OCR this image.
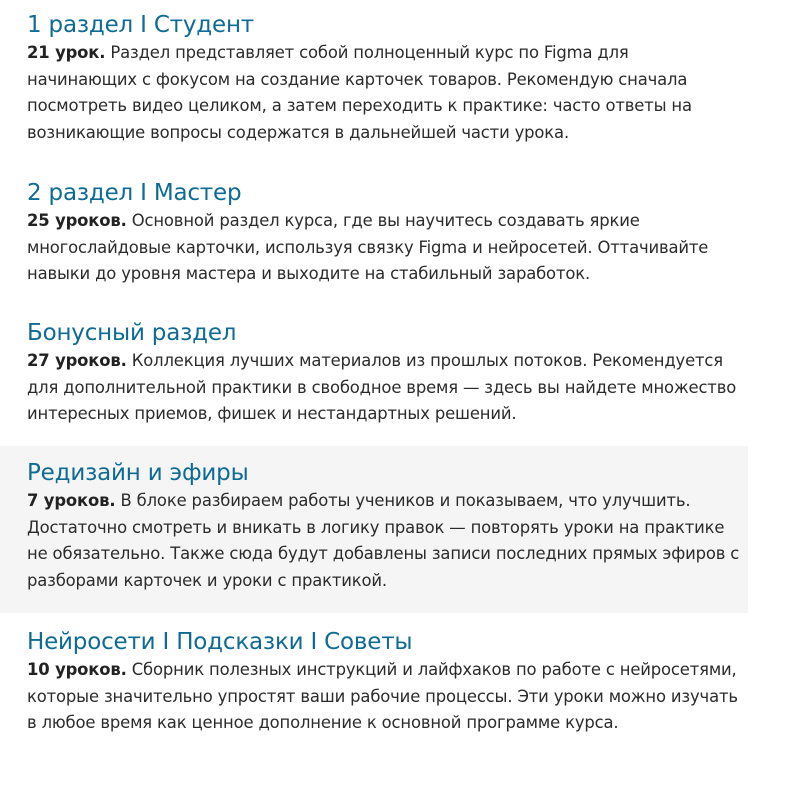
1 раздел I Студент

21 урок. Раздел представляет собой полноценный курс по Figma для начинающих с фокусом на создание карточек товаров. Рекомендую сначала посмотреть видео целиком, а затем переходить к практике: часто ответы на возникающие вопросы содержатся в дальнейшей части урока.

2 раздел I Мастер

25 уроков. Основной раздел курса, где вы научитесь создавать яркие многослайдовые карточки, используя связку Figma и нейросетей. Оттачивайте навыки до уровня мастера и выходите на стабильный заработок.

Бонусный раздел

27 уроков. Коллекция лучших материалов из прошлых потоков. Рекомендуется для дополнительной практики в свободное время — здесь вы найдете множество интересных приемов, фишек и нестандартных решений.

Редизайн и эфиры

7 уроков. В блоке разбираем работы учеников и показываем, что улучшить. Достаточно смотреть и вникать в логику правок — повторять уроки на практике не обязательно. Также сюда будут добавлены записи последних прямых эфиров с разборами карточек и уроки с практикой.

Нейросети I Подсказки I Советы

10 уроков. Сборник полезных инструкций и лайфхаков по работе с нейросетями, которые значительно упростят ваши рабочие процессы. Эти уроки можно изучать в любое время как ценное дополнение к основной программе курса.
